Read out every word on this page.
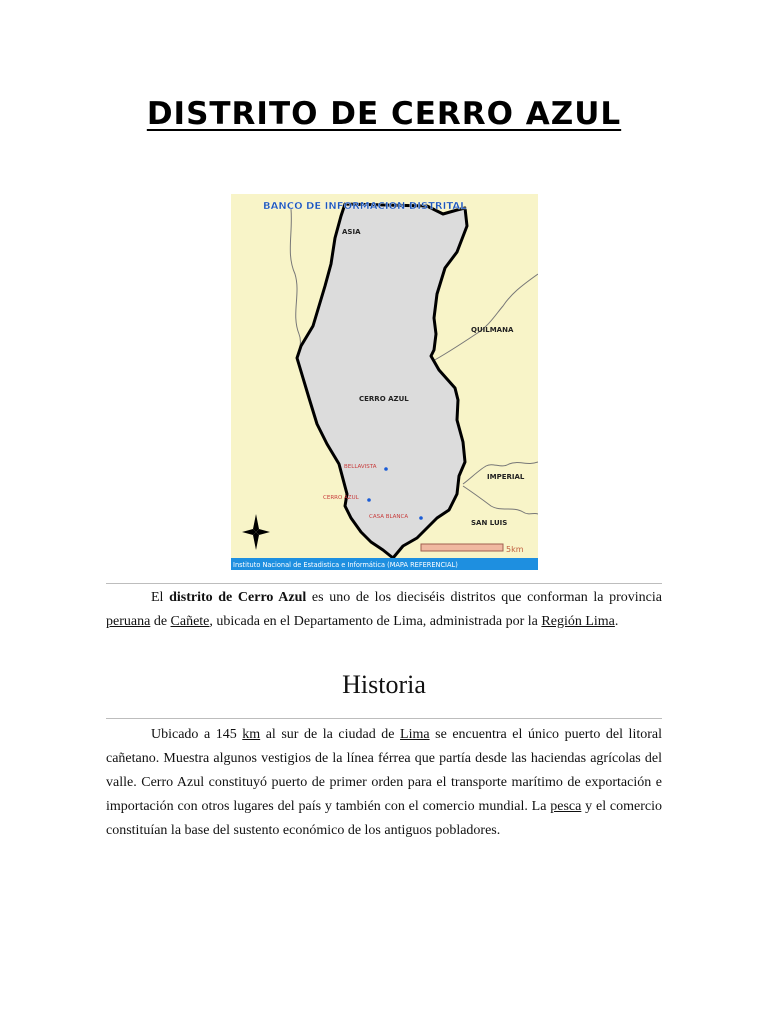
DISTRITO DE CERRO AZUL
BANCO DE INFORMACION DISTRITAL
ASIA
QUILMANA
CERRO AZUL
IMPERIAL
SAN LUIS
BELLAVISTA
CERRO AZUL
CASA BLANCA
5km
Instituto Nacional de Estadistica e Informática (MAPA REFERENCIAL)

El distrito de Cerro Azul es uno de los dieciséis distritos que conforman la provincia peruana de Cañete, ubicada en el Departamento de Lima, administrada por la Región Lima.

Historia

Ubicado a 145 km al sur de la ciudad de Lima se encuentra el único puerto del litoral cañetano. Muestra algunos vestigios de la línea férrea que partía desde las haciendas agrícolas del valle. Cerro Azul constituyó puerto de primer orden para el transporte marítimo de exportación e importación con otros lugares del país y también con el comercio mundial. La pesca y el comercio constituían la base del sustento económico de los antiguos pobladores.
